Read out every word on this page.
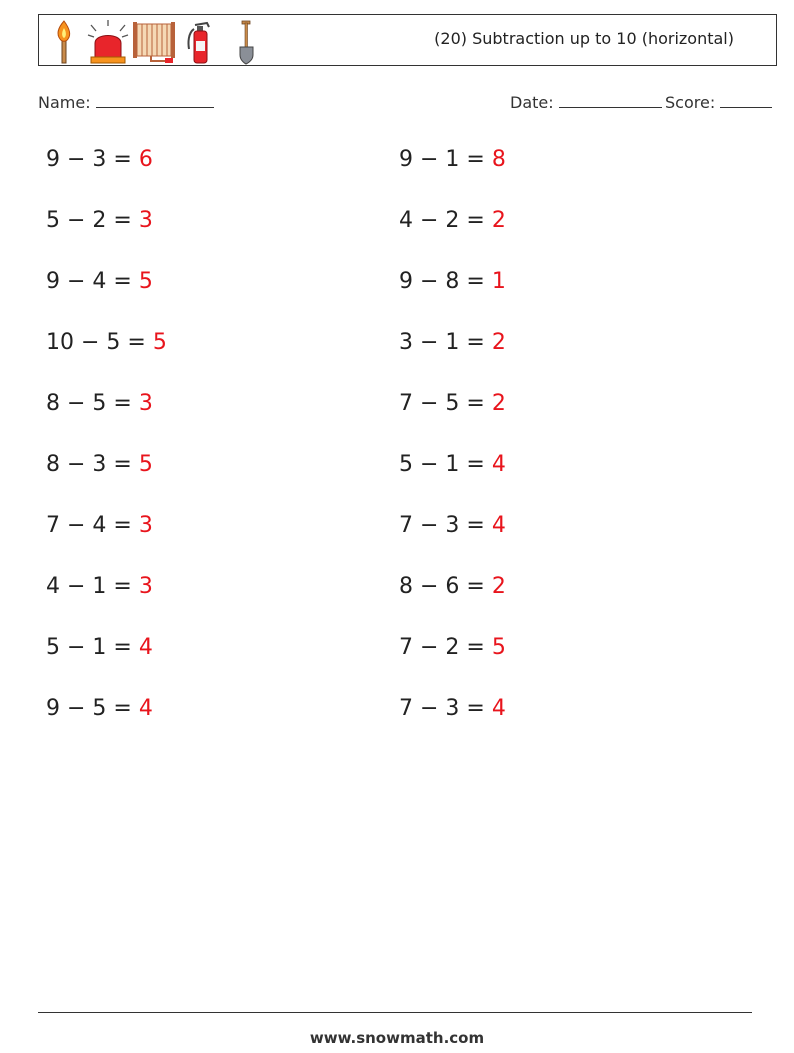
(20) Subtraction up to 10 (horizontal)
Name:	Date:	Score:
9 − 3 = 6
5 − 2 = 3
9 − 4 = 5
10 − 5 = 5
8 − 5 = 3
8 − 3 = 5
7 − 4 = 3
4 − 1 = 3
5 − 1 = 4
9 − 5 = 4
9 − 1 = 8
4 − 2 = 2
9 − 8 = 1
3 − 1 = 2
7 − 5 = 2
5 − 1 = 4
7 − 3 = 4
8 − 6 = 2
7 − 2 = 5
7 − 3 = 4
www.snowmath.com
